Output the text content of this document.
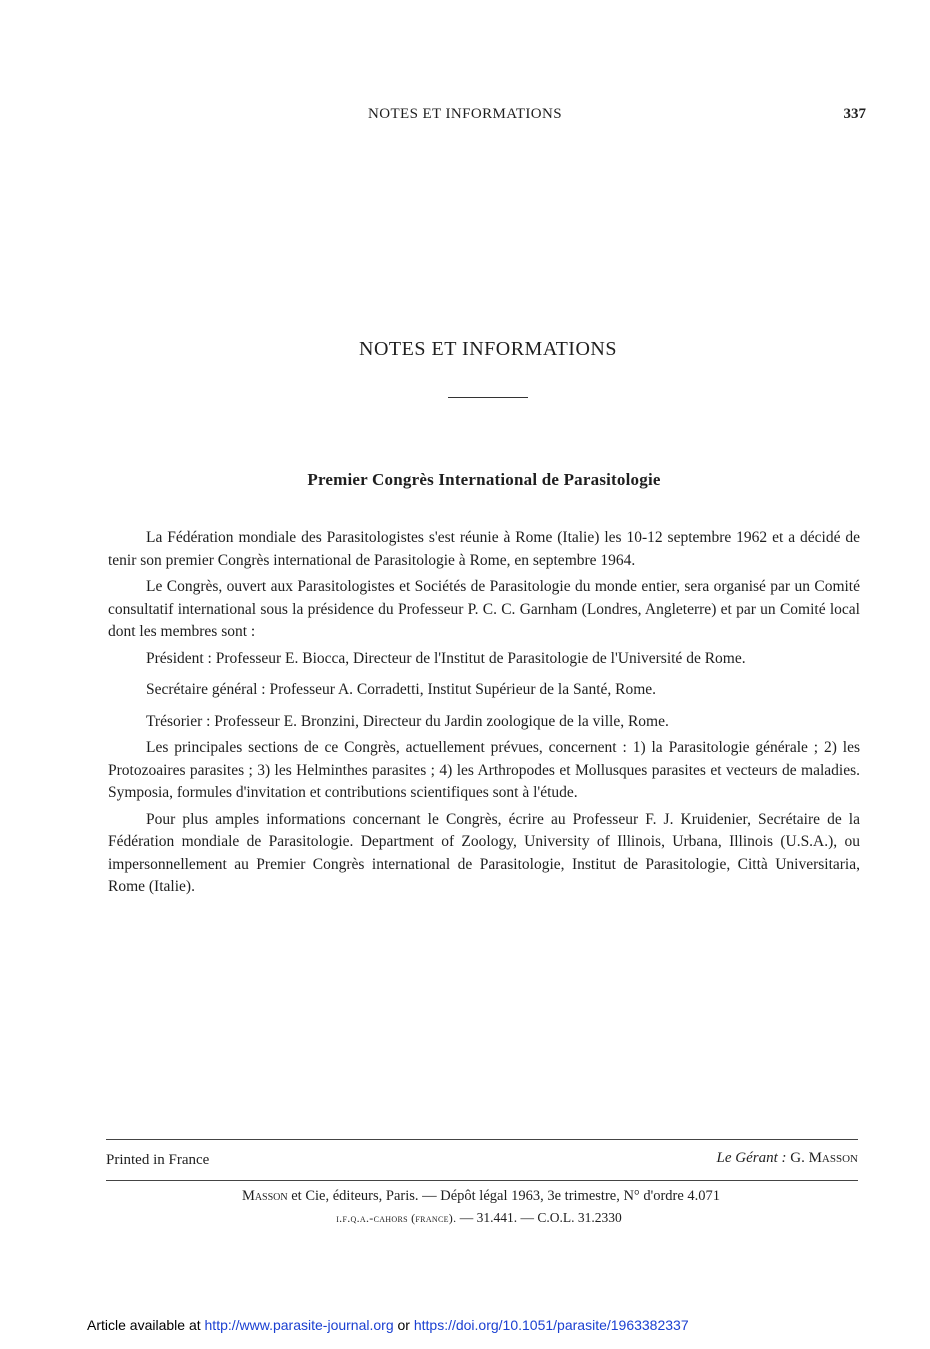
NOTES ET INFORMATIONS	337
NOTES ET INFORMATIONS
Premier Congrès International de Parasitologie

La Fédération mondiale des Parasitologistes s'est réunie à Rome (Italie) les 10-12 septembre 1962 et a décidé de tenir son premier Congrès international de Parasitologie à Rome, en septembre 1964.

Le Congrès, ouvert aux Parasitologistes et Sociétés de Parasitologie du monde entier, sera organisé par un Comité consultatif international sous la présidence du Professeur P. C. C. Garnham (Londres, Angleterre) et par un Comité local dont les membres sont :

Président : Professeur E. Biocca, Directeur de l'Institut de Parasitologie de l'Université de Rome.

Secrétaire général : Professeur A. Corradetti, Institut Supérieur de la Santé, Rome.

Trésorier : Professeur E. Bronzini, Directeur du Jardin zoologique de la ville, Rome.

Les principales sections de ce Congrès, actuellement prévues, concernent : 1) la Parasitologie générale ; 2) les Protozoaires parasites ; 3) les Helminthes parasites ; 4) les Arthropodes et Mollusques parasites et vecteurs de maladies. Symposia, formules d'invitation et contributions scientifiques sont à l'étude.

Pour plus amples informations concernant le Congrès, écrire au Professeur F. J. Kruidenier, Secrétaire de la Fédération mondiale de Parasitologie. Department of Zoology, University of Illinois, Urbana, Illinois (U.S.A.), ou impersonnellement au Premier Congrès international de Parasitologie, Institut de Parasitologie, Città Universitaria, Rome (Italie).

Printed in France	Le Gérant : G. Masson
Masson et Cie, éditeurs, Paris. — Dépôt légal 1963, 3e trimestre, N° d'ordre 4.071
i.f.q.a.-cahors (france). — 31.441. — C.O.L. 31.2330
Article available at http://www.parasite-journal.org or https://doi.org/10.1051/parasite/1963382337
